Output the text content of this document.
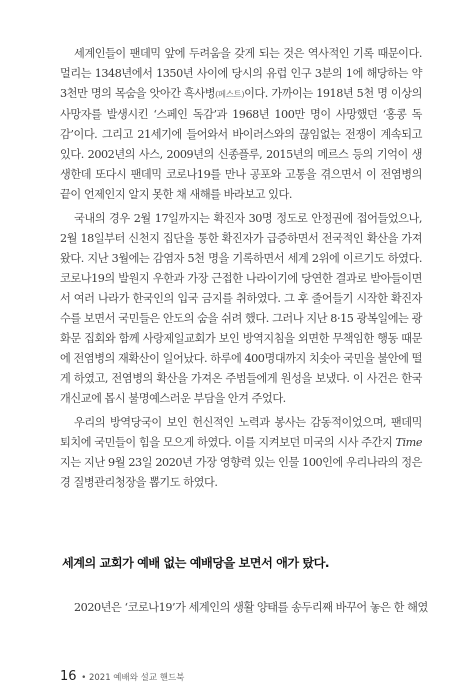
세계인들이 팬데믹 앞에 두려움을 갖게 되는 것은 역사적인 기록 때문이다. 멀리는 1348년에서 1350년 사이에 당시의 유럽 인구 3분의 1에 해당하는 약 3천만 명의 목숨을 앗아간 흑사병(페스트)이다. 가까이는 1918년 5천 명 이상의 사망자를 발생시킨 ‘스페인 독감’과 1968년 100만 명이 사망했던 ‘홍콩 독감’이다. 그리고 21세기에 들어와서 바이러스와의 끊임없는 전쟁이 계속되고 있다. 2002년의 사스, 2009년의 신종플루, 2015년의 메르스 등의 기억이 생생한데 또다시 팬데믹 코로나19를 만나 공포와 고통을 겪으면서 이 전염병의 끝이 언제인지 알지 못한 채 새해를 바라보고 있다.

국내의 경우 2월 17일까지는 확진자 30명 정도로 안정권에 접어들었으나, 2월 18일부터 신천지 집단을 통한 확진자가 급증하면서 전국적인 확산을 가져왔다. 지난 3월에는 감염자 5천 명을 기록하면서 세계 2위에 이르기도 하였다. 코로나19의 발원지 우한과 가장 근접한 나라이기에 당연한 결과로 받아들이면서 여러 나라가 한국인의 입국 금지를 취하였다. 그 후 줄어들기 시작한 확진자 수를 보면서 국민들은 안도의 숨을 쉬려 했다. 그러나 지난 8·15 광복일에는 광화문 집회와 함께 사랑제일교회가 보인 방역지침을 외면한 무책임한 행동 때문에 전염병의 재확산이 일어났다. 하루에 400명대까지 치솟아 국민을 불안에 떨게 하였고, 전염병의 확산을 가져온 주범들에게 원성을 보냈다. 이 사건은 한국 개신교에 몹시 불명예스러운 부담을 안겨 주었다.

우리의 방역당국이 보인 헌신적인 노력과 봉사는 감동적이었으며, 팬데믹 퇴치에 국민들이 힘을 모으게 하였다. 이를 지켜보던 미국의 시사 주간지 Time 지는 지난 9월 23일 2020년 가장 영향력 있는 인물 100인에 우리나라의 정은경 질병관리청장을 뽑기도 하였다.

세계의 교회가 예배 없는 예배당을 보면서 애가 탔다.
2020년은 ‘코로나19’가 세계인의 생활 양태를 송두리째 바꾸어 놓은 한 해였
16 • 2021 예배와 설교 핸드북
